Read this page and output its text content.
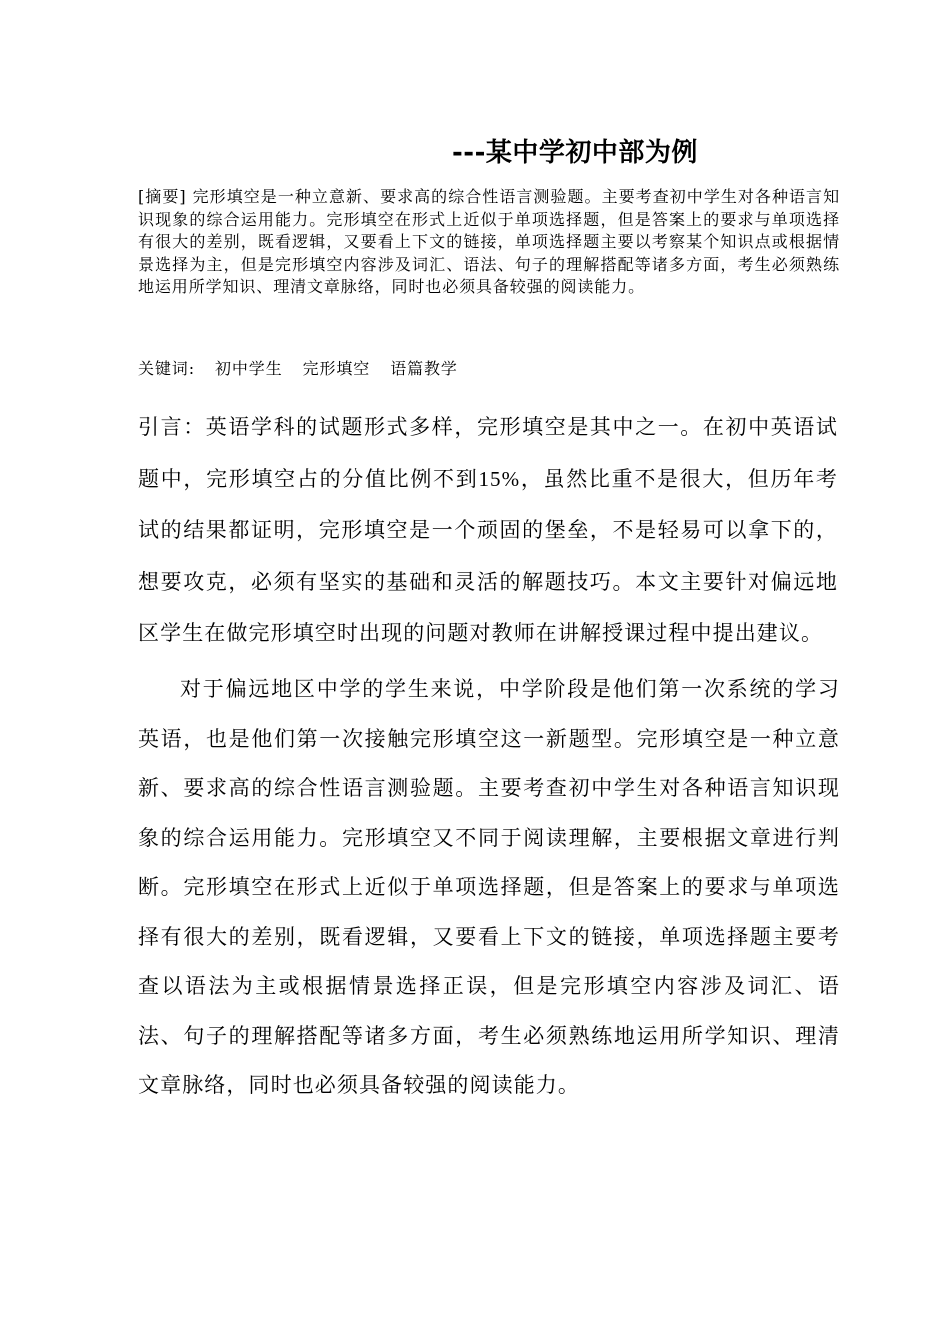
---某中学初中部为例
[摘要] 完形填空是一种立意新、要求高的综合性语言测验题。主要考查初中学生对各种语言知识现象的综合运用能力。完形填空在形式上近似于单项选择题，但是答案上的要求与单项选择有很大的差别，既看逻辑，又要看上下文的链接，单项选择题主要以考察某个知识点或根据情景选择为主，但是完形填空内容涉及词汇、语法、句子的理解搭配等诸多方面，考生必须熟练地运用所学知识、理清文章脉络，同时也必须具备较强的阅读能力。
关键词: 初中学生 完形填空 语篇教学
引言：英语学科的试题形式多样，完形填空是其中之一。在初中英语试题中，完形填空占的分值比例不到15%，虽然比重不是很大，但历年考试的结果都证明，完形填空是一个顽固的堡垒，不是轻易可以拿下的，想要攻克，必须有坚实的基础和灵活的解题技巧。本文主要针对偏远地区学生在做完形填空时出现的问题对教师在讲解授课过程中提出建议。
对于偏远地区中学的学生来说，中学阶段是他们第一次系统的学习英语，也是他们第一次接触完形填空这一新题型。完形填空是一种立意新、要求高的综合性语言测验题。主要考查初中学生对各种语言知识现象的综合运用能力。完形填空又不同于阅读理解，主要根据文章进行判断。完形填空在形式上近似于单项选择题，但是答案上的要求与单项选择有很大的差别，既看逻辑，又要看上下文的链接，单项选择题主要考查以语法为主或根据情景选择正误，但是完形填空内容涉及词汇、语法、句子的理解搭配等诸多方面，考生必须熟练地运用所学知识、理清文章脉络，同时也必须具备较强的阅读能力。
